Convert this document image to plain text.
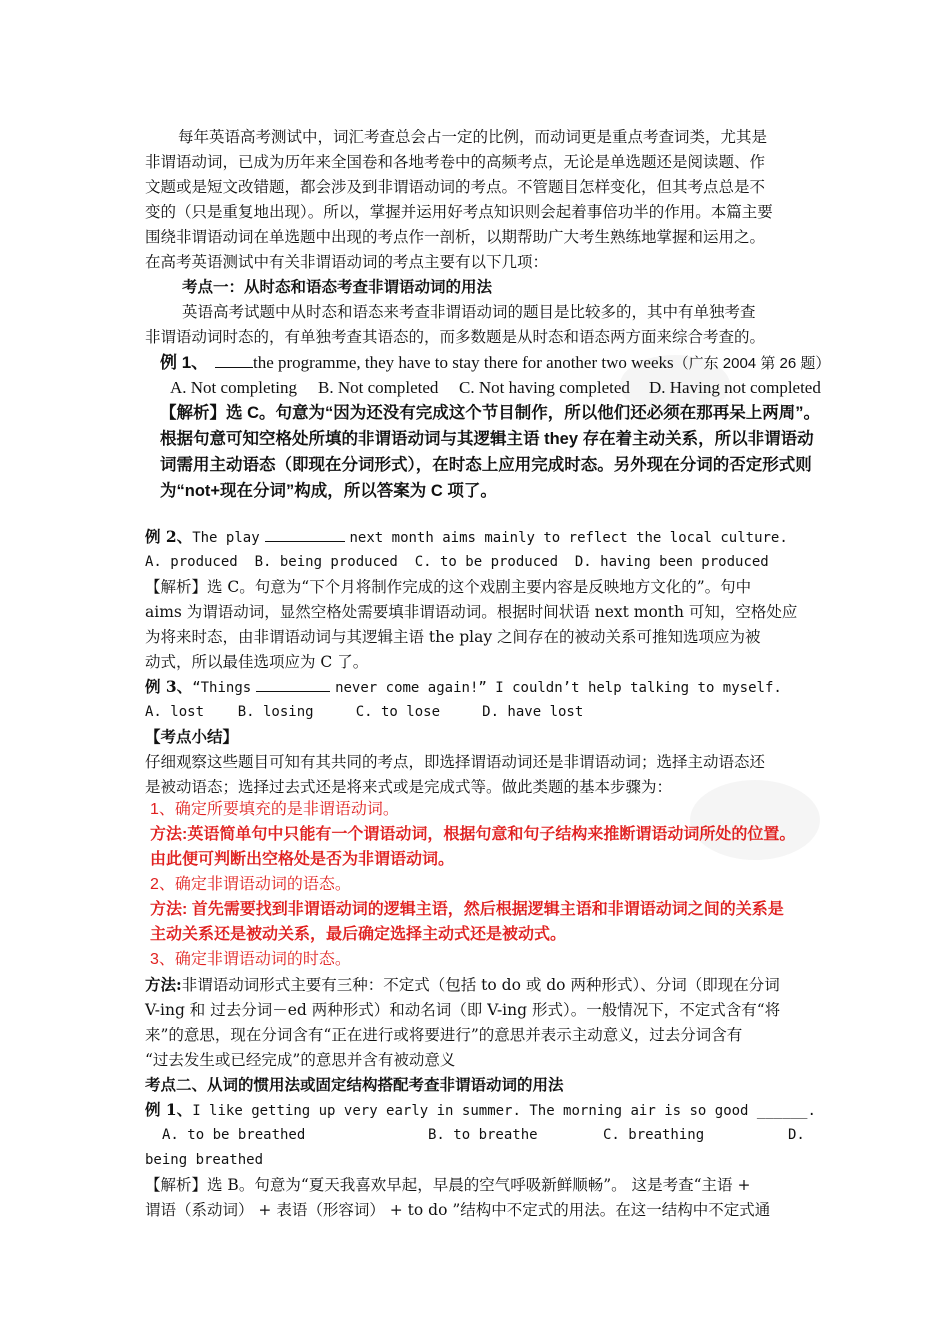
每年英语高考测试中，词汇考查总会占一定的比例，而动词更是重点考查词类，尤其是
非谓语动词，已成为历年来全国卷和各地考卷中的高频考点，无论是单选题还是阅读题、作
文题或是短文改错题，都会涉及到非谓语动词的考点。不管题目怎样变化，但其考点总是不
变的（只是重复地出现）。所以，掌握并运用好考点知识则会起着事倍功半的作用。本篇主要
围绕非谓语动词在单选题中出现的考点作一剖析，以期帮助广大考生熟练地掌握和运用之。
在高考英语测试中有关非谓语动词的考点主要有以下几项：
考点一：从时态和语态考查非谓语动词的用法
英语高考试题中从时态和语态来考查非谓语动词的题目是比较多的，其中有单独考查
非谓语动词时态的，有单独考查其语态的，而多数题是从时态和语态两方面来综合考查的。
例 1、	the programme, they have to stay there for another two weeks（广东 2004 第 26 题）
A. Not completing B. Not completed C. Not having completed D. Having not completed
【解析】选 C。句意为“因为还没有完成这个节目制作，所以他们还必须在那再呆上两周”。
根据句意可知空格处所填的非谓语动词与其逻辑主语 they 存在着主动关系，所以非谓语动
词需用主动语态（即现在分词形式），在时态上应用完成时态。另外现在分词的否定形式则
为“not+现在分词”构成，所以答案为 C 项了。
例 2、The play	next month aims mainly to reflect the local culture.
A. produced  B. being produced  C. to be produced  D. having been produced
【解析】选 C。句意为“下个月将制作完成的这个戏剧主要内容是反映地方文化的”。句中
aims 为谓语动词，显然空格处需要填非谓语动词。根据时间状语 next month 可知，空格处应
为将来时态，由非谓语动词与其逻辑主语 the play 之间存在的被动关系可推知选项应为被
动式，所以最佳选项应为 C 了。
例 3、“Things	never come again!” I couldn’t help talking to myself.
A. lost    B. losing     C. to lose     D. have lost
【考点小结】
仔细观察这些题目可知有其共同的考点，即选择谓语动词还是非谓语动词；选择主动语态还
是被动语态；选择过去式还是将来式或是完成式等。做此类题的基本步骤为：
1、确定所要填充的是非谓语动词。
方法:英语简单句中只能有一个谓语动词，根据句意和句子结构来推断谓语动词所处的位置。
由此便可判断出空格处是否为非谓语动词。
2、确定非谓语动词的语态。
方法: 首先需要找到非谓语动词的逻辑主语，然后根据逻辑主语和非谓语动词之间的关系是
主动关系还是被动关系，最后确定选择主动式还是被动式。
3、确定非谓语动词的时态。
方法:非谓语动词形式主要有三种：不定式（包括 to do 或 do 两种形式）、分词（即现在分词
V-ing 和 过去分词－ed 两种形式）和动名词（即 V-ing 形式）。一般情况下，不定式含有“将
来”的意思，现在分词含有“正在进行或将要进行”的意思并表示主动意义，过去分词含有
“过去发生或已经完成”的意思并含有被动意义
考点二、从词的惯用法或固定结构搭配考查非谓语动词的用法
例 1、I like getting up very early in summer. The morning air is so good ______.
A. to be breathed	B. to breathe	C. breathing	D.
being breathed
【解析】选 B。句意为“夏天我喜欢早起，早晨的空气呼吸新鲜顺畅”。 这是考查“主语 +
谓语（系动词） + 表语（形容词） + to do ”结构中不定式的用法。在这一结构中不定式通
